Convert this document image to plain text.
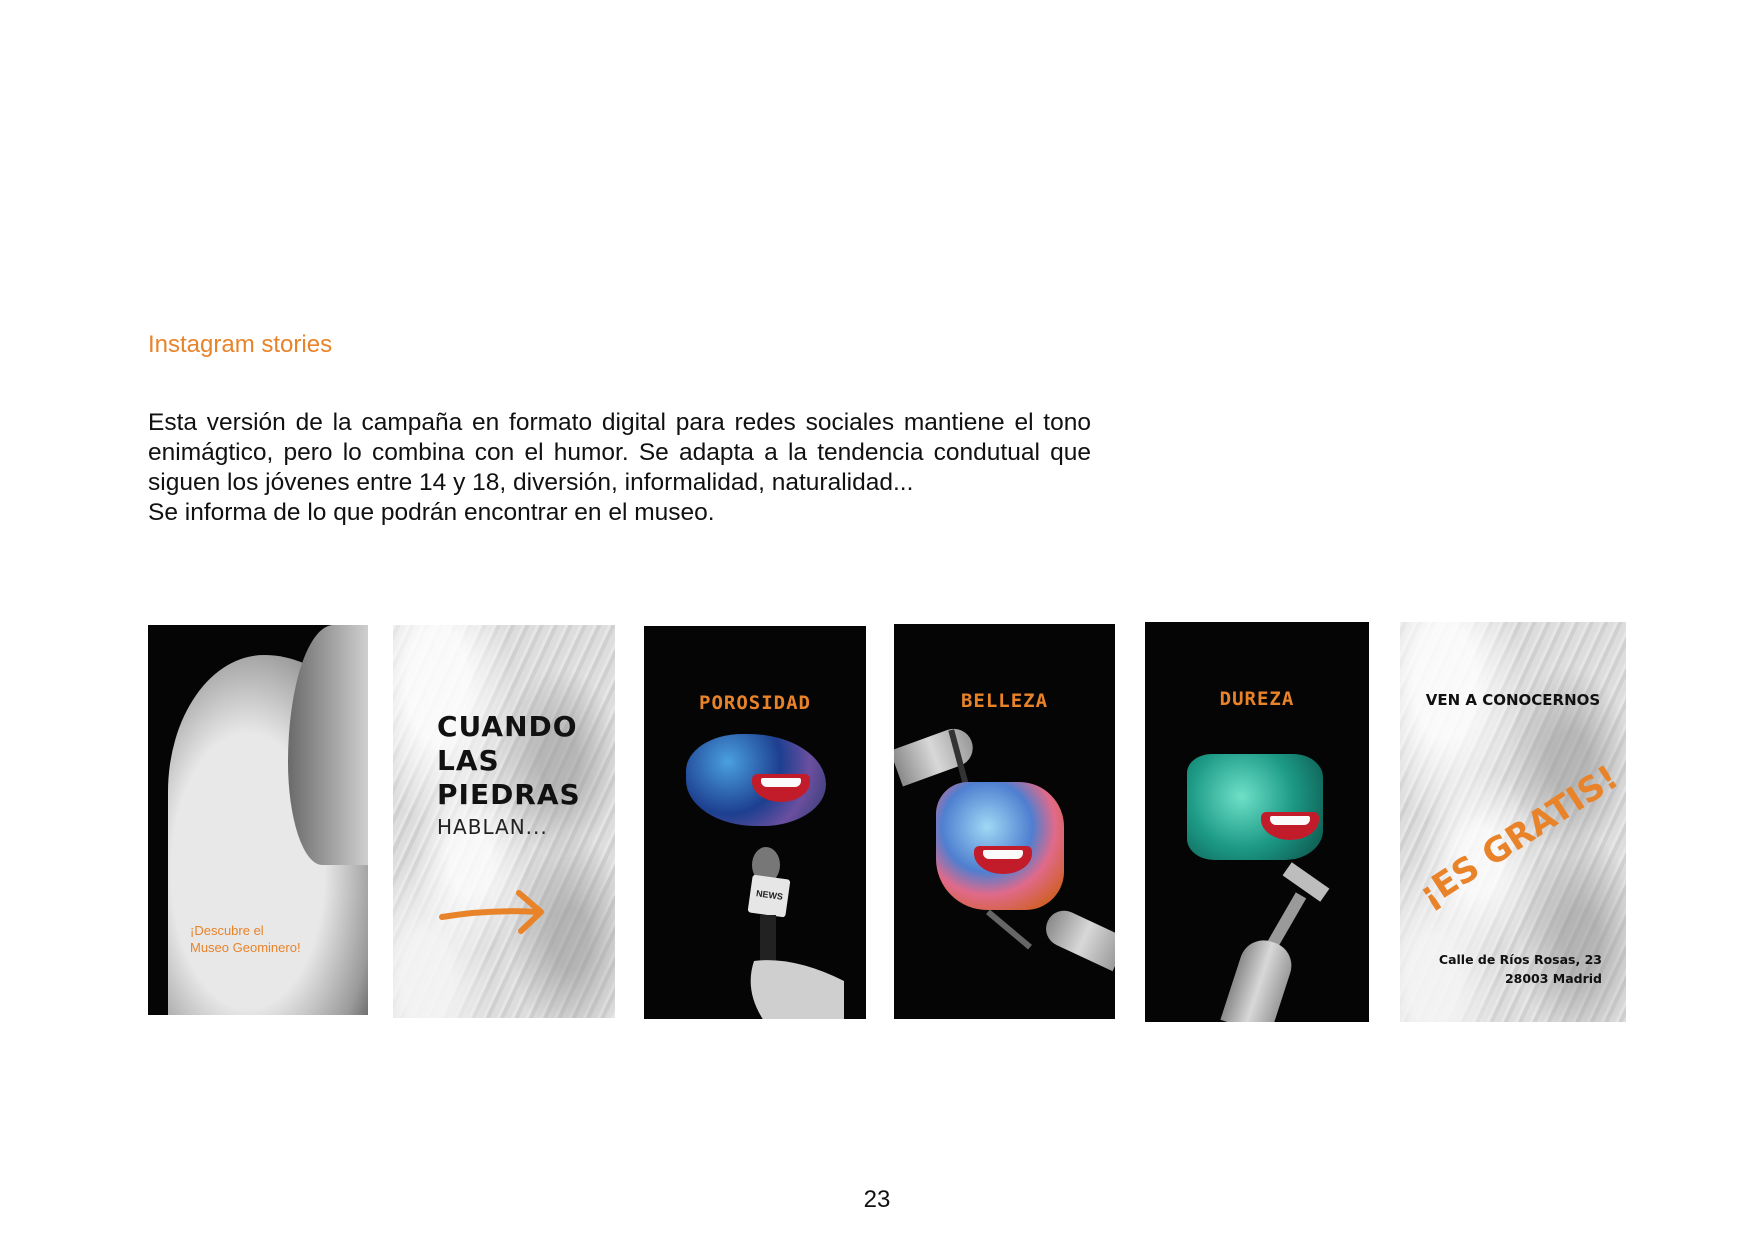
Instagram stories

Esta versión de la campaña en formato digital para redes sociales mantiene el tono enimágtico, pero lo combina con el humor. Se adapta a la tendencia condutual que siguen los jóvenes entre 14 y 18, diversión, informalidad, naturalidad...

Se informa de lo que podrán encontrar en el museo.

¡Descubre el
Museo Geominero!
CUANDO
LAS
PIEDRAS
HABLAN...
POROSIDAD
NEWS
BELLEZA	DUREZA	VEN A CONOCERNOS
¡ES GRATIS!
Calle de Ríos Rosas, 23
28003 Madrid
23
